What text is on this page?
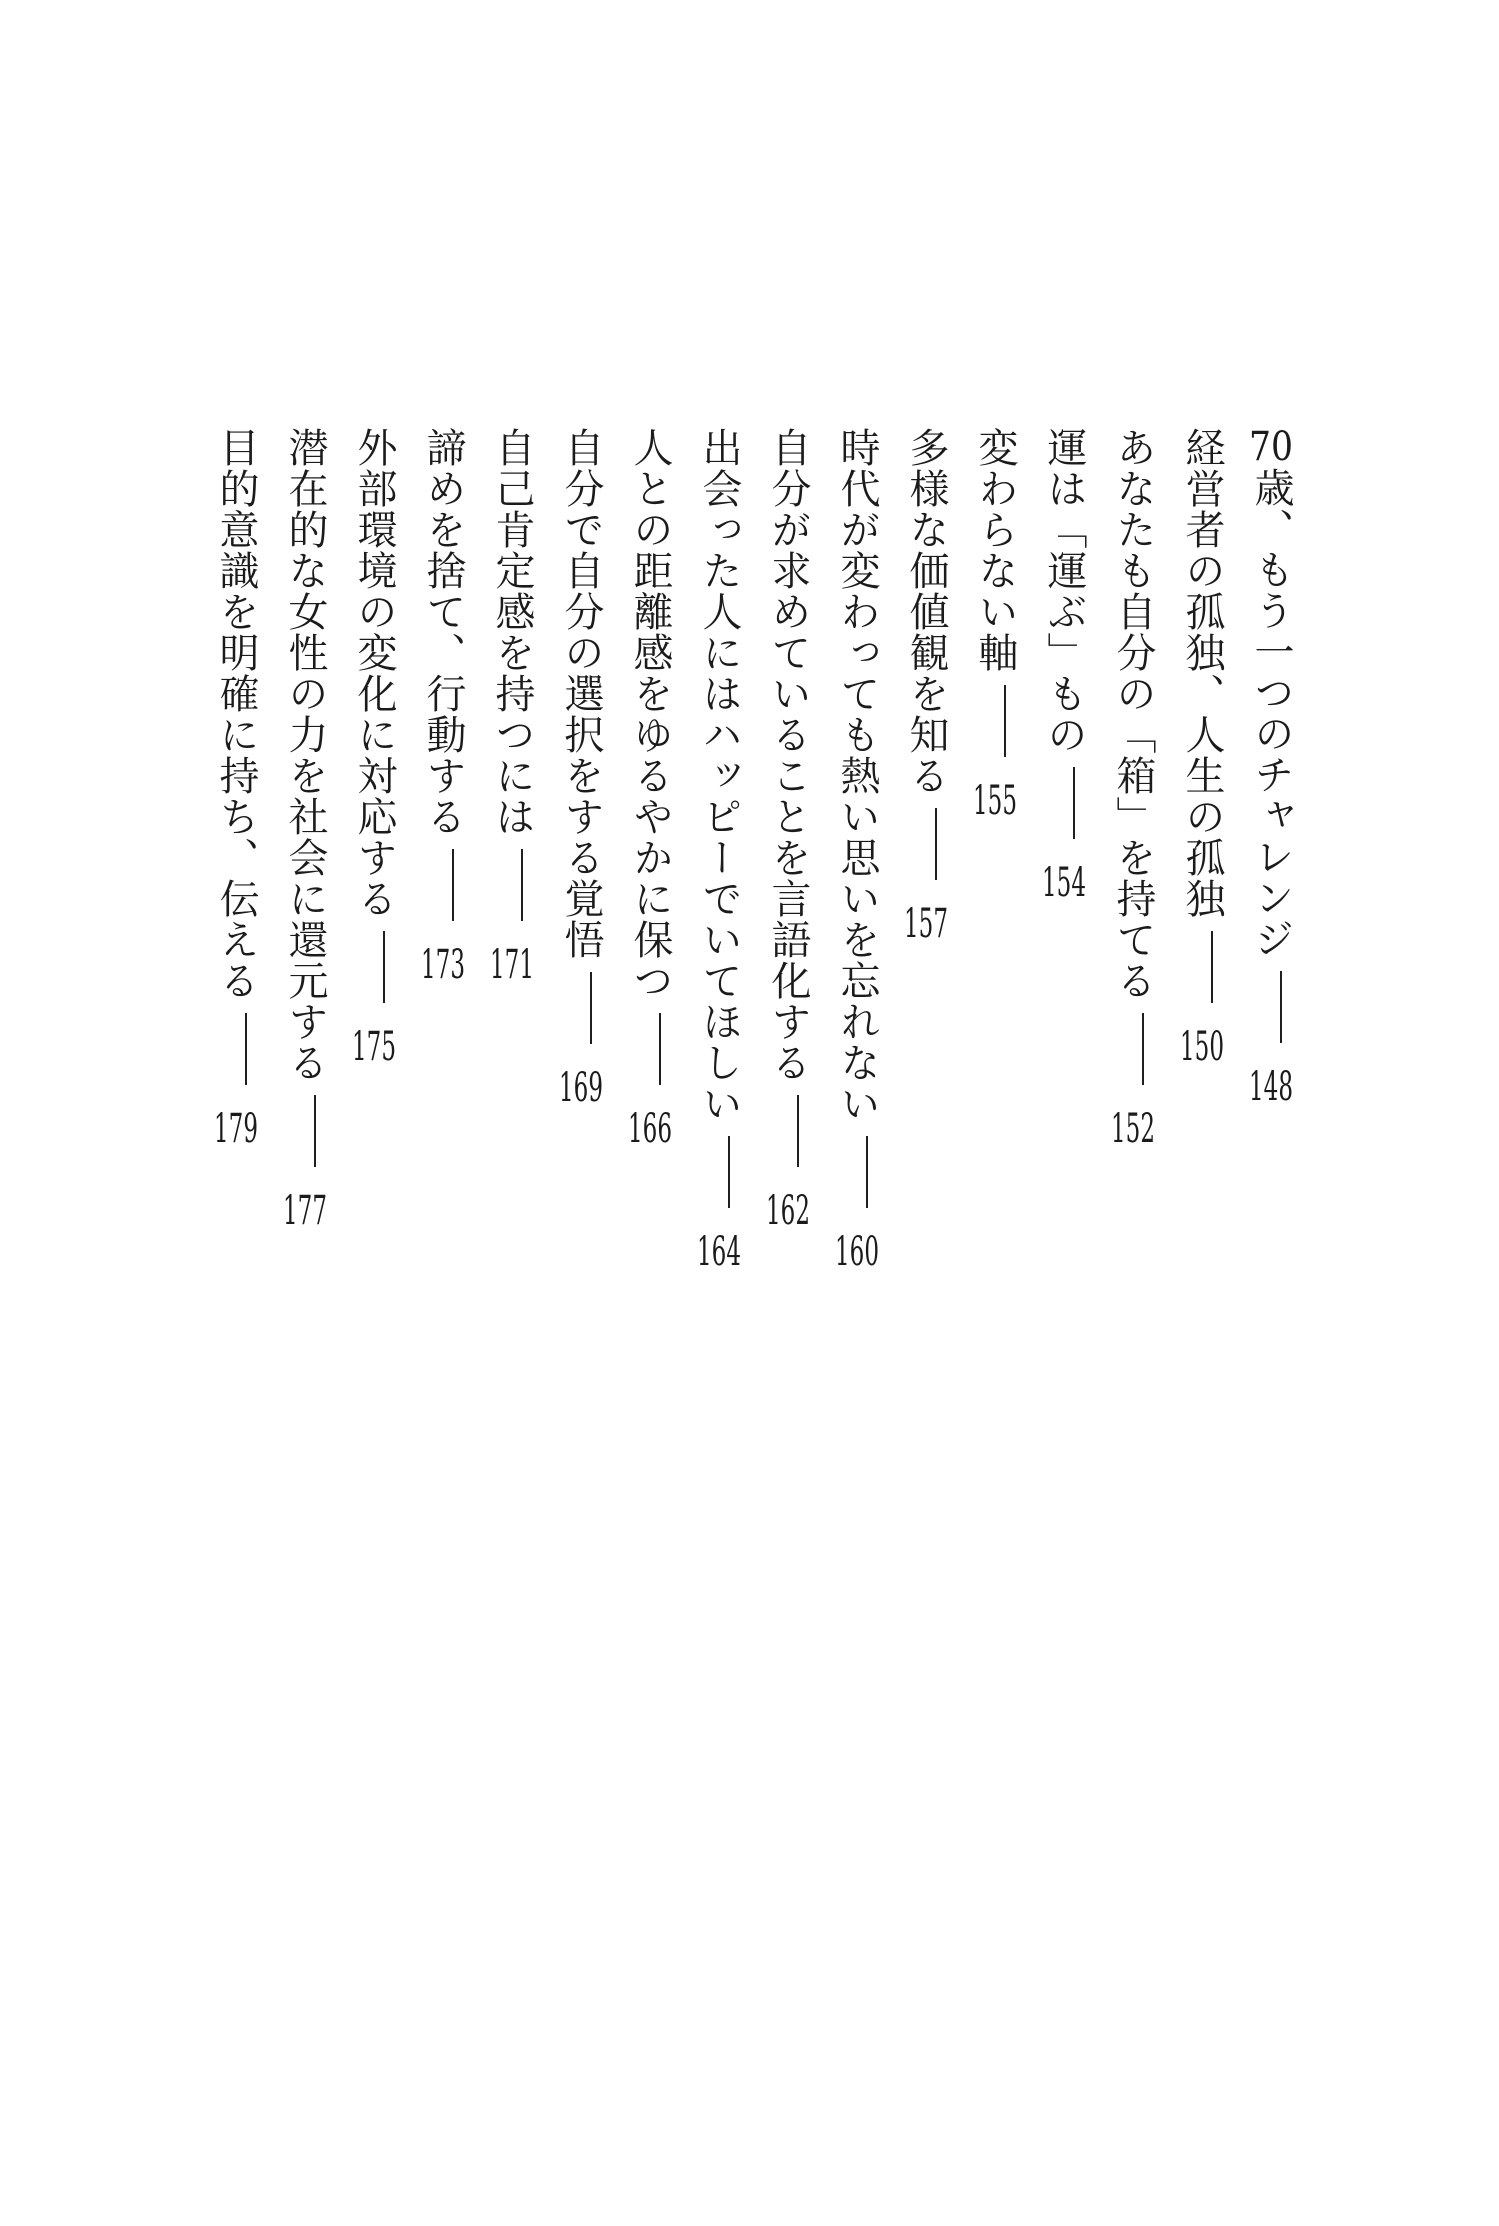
70歳、もう一つのチャレンジ148
経営者の孤独、人生の孤独150
あなたも自分の「箱」を持てる152
運は「運ぶ」もの154
変わらない軸155
多様な価値観を知る157
時代が変わっても熱い思いを忘れない160
自分が求めていることを言語化する162
出会った人にはハッピーでいてほしい164
人との距離感をゆるやかに保つ166
自分で自分の選択をする覚悟169
自己肯定感を持つには171
諦めを捨て、行動する173
外部環境の変化に対応する175
潜在的な女性の力を社会に還元する177
目的意識を明確に持ち、伝える179
